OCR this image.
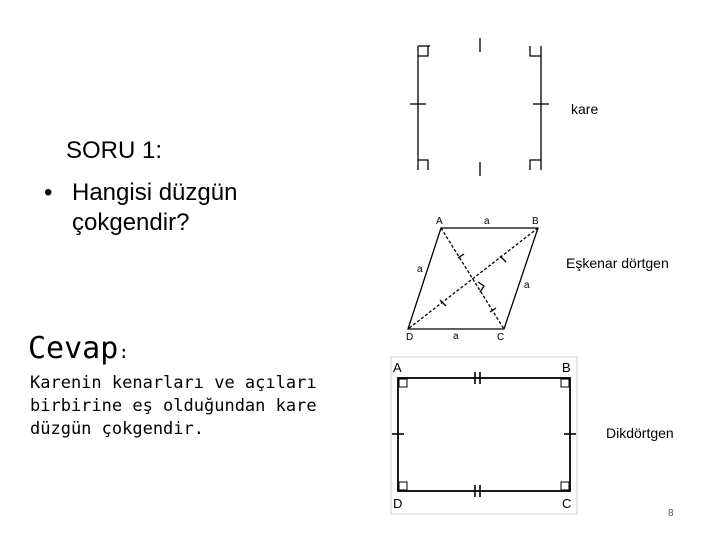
SORU 1:
• Hangisi düzgün çokgendir?
Cevap:
Karenin kenarları ve açıları birbirine eş olduğundan kare düzgün çokgendir.
kare
A	B
C
D
a
a
a
a
Eşkenar dörtgen
A	B
C
D
Dikdörtgen
8
